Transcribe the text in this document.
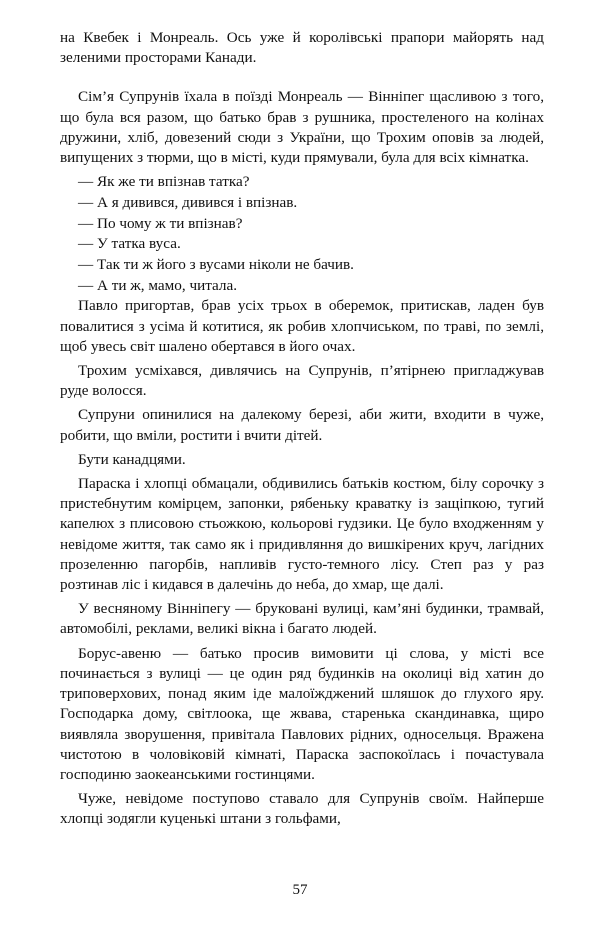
на Квебек і Монреаль. Ось уже й королівські прапори майорять над зеленими просторами Канади.

Сім’я Супрунів їхала в поїзді Монреаль — Вінніпег щасливою з того, що була вся разом, що батько брав з рушника, простеленого на колінах дружини, хліб, довезений сюди з України, що Трохим оповів за людей, випущених з тюрми, що в місті, куди прямували, була для всіх кімнатка.

— Як же ти впізнав татка?

— А я дивився, дивився і впізнав.

— По чому ж ти впізнав?

— У татка вуса.

— Так ти ж його з вусами ніколи не бачив.

— А ти ж, мамо, читала.

Павло пригортав, брав усіх трьох в оберемок, притискав, ладен був повалитися з усіма й котитися, як робив хлопчиськом, по траві, по землі, щоб увесь світ шаленo обертався в його очах.

Трохим усміхався, дивлячись на Супрунів, п’ятірнею пригладжував руде волосся.

Супруни опинилися на далекому березі, аби жити, входити в чуже, робити, що вміли, ростити і вчити дітей.

Бути канадцями.

Параска і хлопці обмацали, обдивились батьків костюм, білу сорочку з пристебнутим комірцем, запонки, рябеньку краватку із защіпкою, тугий капелюх з плисовою стьожкою, кольорові гудзики. Це було входженням у невідоме життя, так само як і придивляння до вишкірених круч, лагідних прозеленню пагорбів, напливів густо-темного лісу. Степ раз у раз розтинав ліс і кидався в далечінь до неба, до хмар, ще далі.

У весняному Вінніпегу — бруковані вулиці, кам’яні будинки, трамвай, автомобілі, реклами, великі вікна і багато людей.

Борус-авеню — батько просив вимовити ці слова, у місті все починається з вулиці — це один ряд будинків на околиці від хатин до триповерхових, понад яким іде малоїжджений шляшок до глухого яру. Господарка дому, світлоока, ще жвава, старенька скандинавка, щиро виявляла зворушення, привітала Павлових рідних, односельця. Вражена чистотою в чоловіковій кімнаті, Параска заспокоїлась і почастувала господиню заокеанськими гостинцями.

Чуже, невідоме поступово ставало для Супрунів своїм. Найперше хлопці зодягли куценькі штани з гольфами,

57
